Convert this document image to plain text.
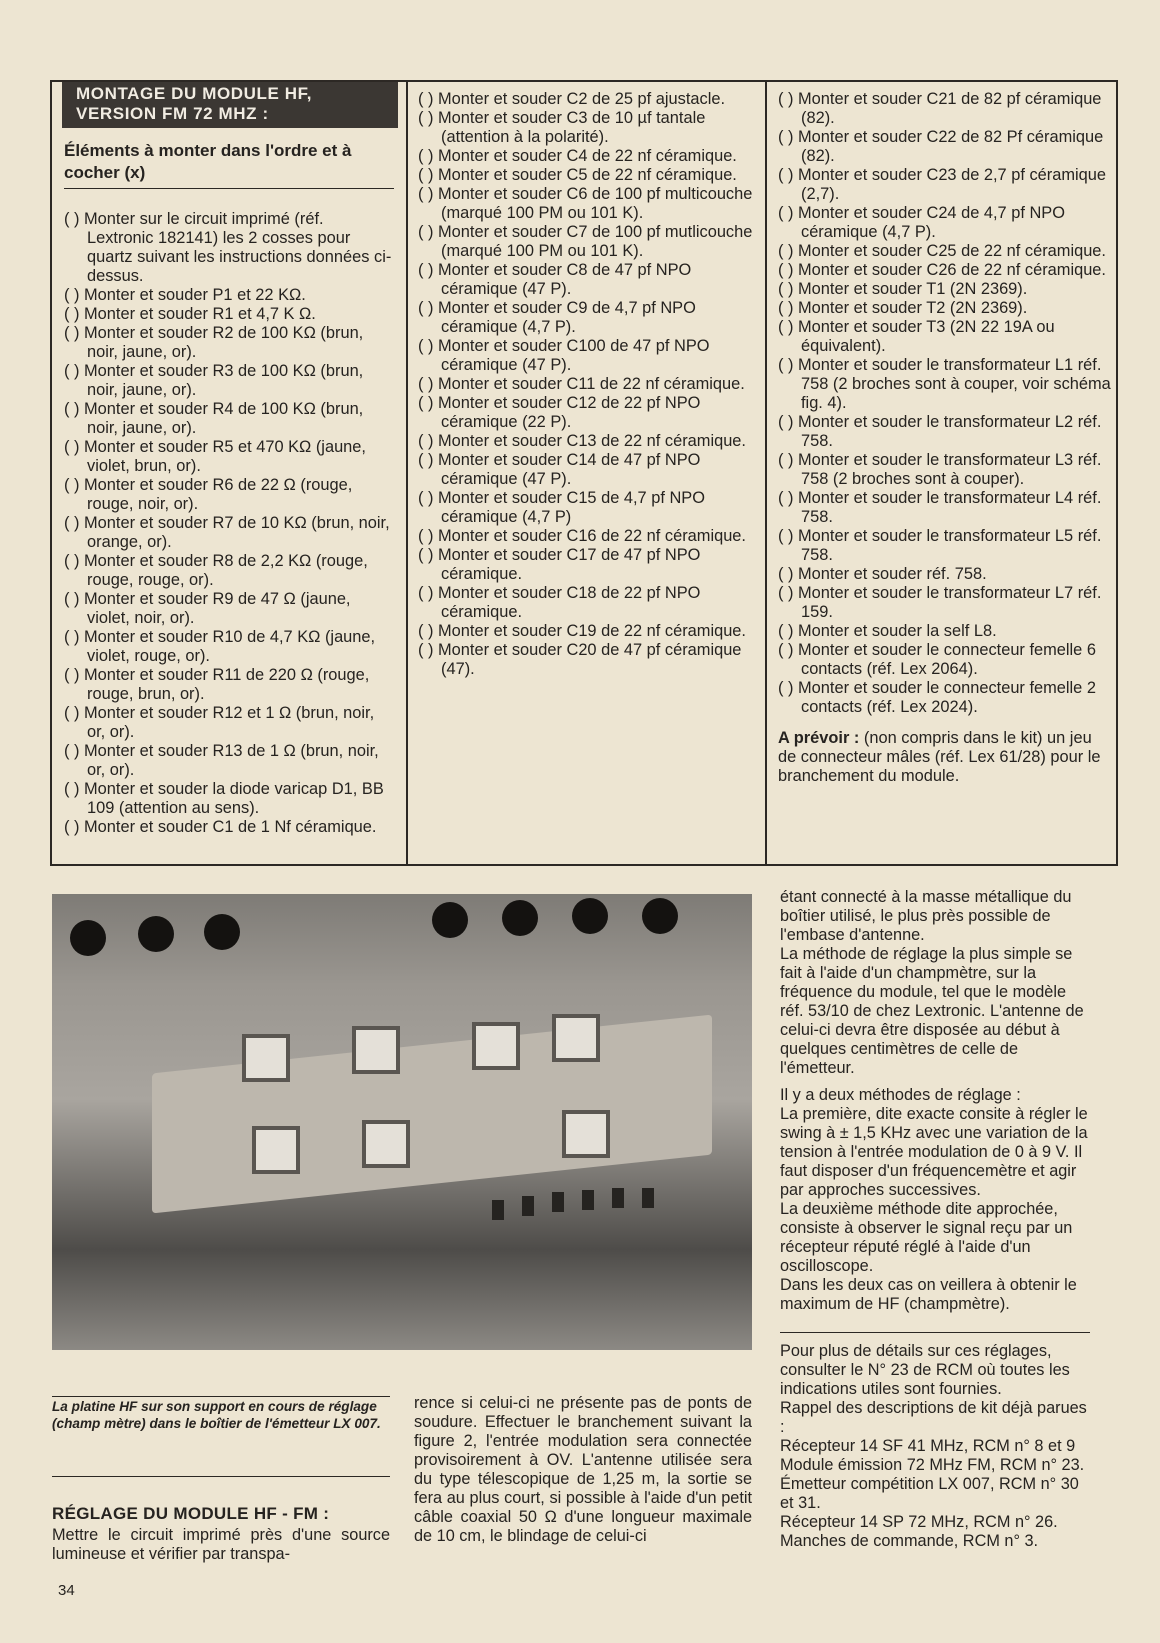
MONTAGE DU MODULE HF, VERSION FM 72 MHZ :
Éléments à monter dans l'ordre et à cocher (x)

( ) Monter sur le circuit imprimé (réf. Lextronic 182141) les 2 cosses pour quartz suivant les instructions données ci-dessus.

( ) Monter et souder P1 et 22 KΩ.

( ) Monter et souder R1 et 4,7 K Ω.

( ) Monter et souder R2 de 100 KΩ (brun, noir, jaune, or).

( ) Monter et souder R3 de 100 KΩ (brun, noir, jaune, or).

( ) Monter et souder R4 de 100 KΩ (brun, noir, jaune, or).

( ) Monter et souder R5 et 470 KΩ (jaune, violet, brun, or).

( ) Monter et souder R6 de 22 Ω (rouge, rouge, noir, or).

( ) Monter et souder R7 de 10 KΩ (brun, noir, orange, or).

( ) Monter et souder R8 de 2,2 KΩ (rouge, rouge, rouge, or).

( ) Monter et souder R9 de 47 Ω (jaune, violet, noir, or).

( ) Monter et souder R10 de 4,7 KΩ (jaune, violet, rouge, or).

( ) Monter et souder R11 de 220 Ω (rouge, rouge, brun, or).

( ) Monter et souder R12 et 1 Ω (brun, noir, or, or).

( ) Monter et souder R13 de 1 Ω (brun, noir, or, or).

( ) Monter et souder la diode varicap D1, BB 109 (attention au sens).

( ) Monter et souder C1 de 1 Nf céramique.

( ) Monter et souder C2 de 25 pf ajustacle.

( ) Monter et souder C3 de 10 µf tantale (attention à la polarité).

( ) Monter et souder C4 de 22 nf céramique.

( ) Monter et souder C5 de 22 nf céramique.

( ) Monter et souder C6 de 100 pf multicouche (marqué 100 PM ou 101 K).

( ) Monter et souder C7 de 100 pf mutlicouche (marqué 100 PM ou 101 K).

( ) Monter et souder C8 de 47 pf NPO céramique (47 P).

( ) Monter et souder C9 de 4,7 pf NPO céramique (4,7 P).

( ) Monter et souder C100 de 47 pf NPO céramique (47 P).

( ) Monter et souder C11 de 22 nf céramique.

( ) Monter et souder C12 de 22 pf NPO céramique (22 P).

( ) Monter et souder C13 de 22 nf céramique.

( ) Monter et souder C14 de 47 pf NPO céramique (47 P).

( ) Monter et souder C15 de 4,7 pf NPO céramique (4,7 P)

( ) Monter et souder C16 de 22 nf céramique.

( ) Monter et souder C17 de 47 pf NPO céramique.

( ) Monter et souder C18 de 22 pf NPO céramique.

( ) Monter et souder C19 de 22 nf céramique.

( ) Monter et souder C20 de 47 pf céramique (47).

( ) Monter et souder C21 de 82 pf céramique (82).

( ) Monter et souder C22 de 82 Pf céramique (82).

( ) Monter et souder C23 de 2,7 pf céramique (2,7).

( ) Monter et souder C24 de 4,7 pf NPO céramique (4,7 P).

( ) Monter et souder C25 de 22 nf céramique.

( ) Monter et souder C26 de 22 nf céramique.

( ) Monter et souder T1 (2N 2369).

( ) Monter et souder T2 (2N 2369).

( ) Monter et souder T3 (2N 22 19A ou équivalent).

( ) Monter et souder le transformateur L1 réf. 758 (2 broches sont à couper, voir schéma fig. 4).

( ) Monter et souder le transformateur L2 réf. 758.

( ) Monter et souder le transformateur L3 réf. 758 (2 broches sont à couper).

( ) Monter et souder le transformateur L4 réf. 758.

( ) Monter et souder le transformateur L5 réf. 758.

( ) Monter et souder réf. 758.

( ) Monter et souder le transformateur L7 réf. 159.

( ) Monter et souder la self L8.

( ) Monter et souder le connecteur femelle 6 contacts (réf. Lex 2064).

( ) Monter et souder le connecteur femelle 2 contacts (réf. Lex 2024).

A prévoir : (non compris dans le kit) un jeu de connecteur mâles (réf. Lex 61/28) pour le branchement du module.

La platine HF sur son support en cours de réglage (champ mètre) dans le boîtier de l'émetteur LX 007.
RÉGLAGE DU MODULE HF - FM :
Mettre le circuit imprimé près d'une source lumineuse et vérifier par transpa-
rence si celui-ci ne présente pas de ponts de soudure. Effectuer le branchement suivant la figure 2, l'entrée modulation sera connectée provisoirement à OV. L'antenne utilisée sera du type télescopique de 1,25 m, la sortie se fera au plus court, si possible à l'aide d'un petit câble coaxial 50 Ω d'une longueur maximale de 10 cm, le blindage de celui-ci

étant connecté à la masse métallique du boîtier utilisé, le plus près possible de l'embase d'antenne.

La méthode de réglage la plus simple se fait à l'aide d'un champmètre, sur la fréquence du module, tel que le modèle réf. 53/10 de chez Lextronic. L'antenne de celui-ci devra être disposée au début à quelques centimètres de celle de l'émetteur.

Il y a deux méthodes de réglage :

La première, dite exacte consite à régler le swing à ± 1,5 KHz avec une variation de la tension à l'entrée modulation de 0 à 9 V. Il faut disposer d'un fréquencemètre et agir par approches successives.

La deuxième méthode dite approchée, consiste à observer le signal reçu par un récepteur réputé réglé à l'aide d'un oscilloscope.

Dans les deux cas on veillera à obtenir le maximum de HF (champmètre).

Pour plus de détails sur ces réglages, consulter le N° 23 de RCM où toutes les indications utiles sont fournies.

Rappel des descriptions de kit déjà parues :

Récepteur 14 SF 41 MHz, RCM n° 8 et 9

Module émission 72 MHz FM, RCM n° 23.

Émetteur compétition LX 007, RCM n° 30 et 31.

Récepteur 14 SP 72 MHz, RCM n° 26.

Manches de commande, RCM n° 3.

34
